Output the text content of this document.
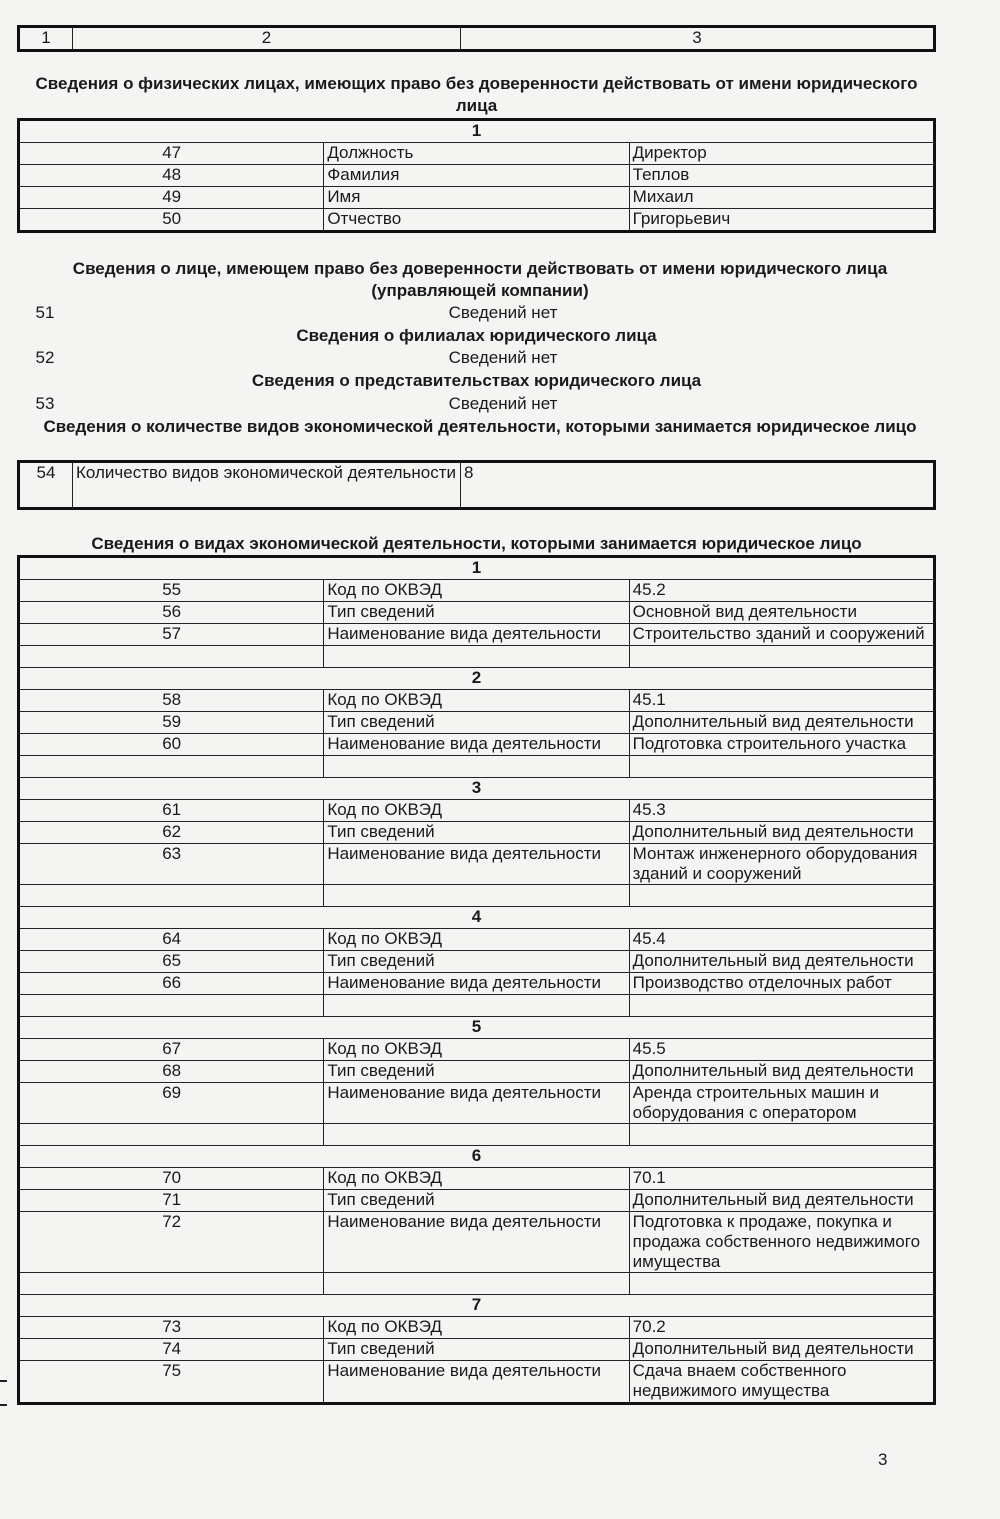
1	2	3
Сведения о физических лицах, имеющих право без доверенности действовать от имени юридического лица
1		
47	Должность	Директор
48	Фамилия	Теплов
49	Имя	Михаил
50	Отчество	Григорьевич
Сведения о лице, имеющем право без доверенности действовать от имени юридического лица (управляющей компании)
51	Сведений нет
Сведения о филиалах юридического лица
52	Сведений нет
Сведения о представительствах юридического лица
53	Сведений нет
Сведения о количестве видов экономической деятельности, которыми занимается юридическое лицо
54	Количество видов экономической деятельности	8
Сведения о видах экономической деятельности, которыми занимается юридическое лицо
1		
55	Код по ОКВЭД	45.2
56	Тип сведений	Основной вид деятельности
57	Наименование вида деятельности	Строительство зданий и сооружений

2		
58	Код по ОКВЭД	45.1
59	Тип сведений	Дополнительный вид деятельности
60	Наименование вида деятельности	Подготовка строительного участка

3		
61	Код по ОКВЭД	45.3
62	Тип сведений	Дополнительный вид деятельности
63	Наименование вида деятельности	Монтаж инженерного оборудования зданий и сооружений

4		
64	Код по ОКВЭД	45.4
65	Тип сведений	Дополнительный вид деятельности
66	Наименование вида деятельности	Производство отделочных работ

5		
67	Код по ОКВЭД	45.5
68	Тип сведений	Дополнительный вид деятельности
69	Наименование вида деятельности	Аренда строительных машин и оборудования с оператором

6		
70	Код по ОКВЭД	70.1
71	Тип сведений	Дополнительный вид деятельности
72	Наименование вида деятельности	Подготовка к продаже, покупка и продажа собственного недвижимого имущества

7		
73	Код по ОКВЭД	70.2
74	Тип сведений	Дополнительный вид деятельности
75	Наименование вида деятельности	Сдача внаем собственного недвижимого имущества
3
